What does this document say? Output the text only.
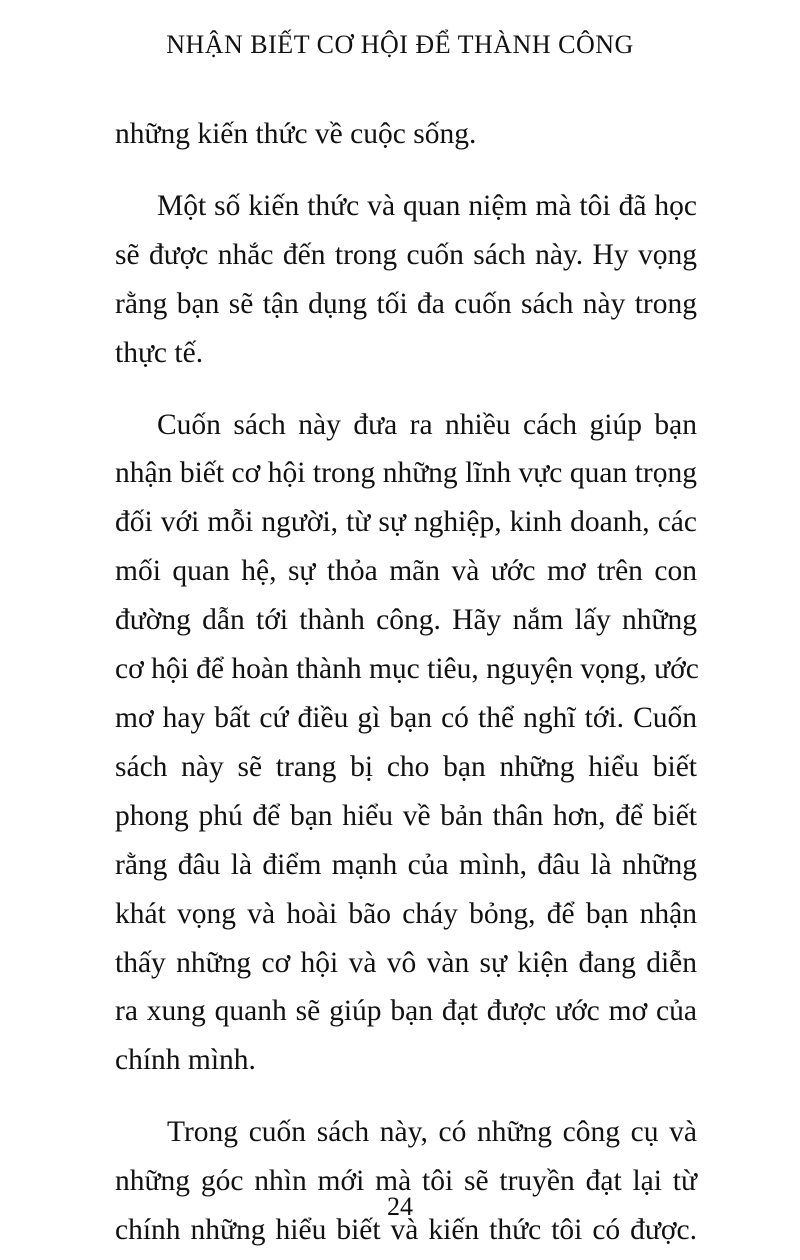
NHẬN BIẾT CƠ HỘI ĐỂ THÀNH CÔNG
những kiến thức về cuộc sống.
Một số kiến thức và quan niệm mà tôi đã học
sẽ được nhắc đến trong cuốn sách này. Hy vọng
rằng bạn sẽ tận dụng tối đa cuốn sách này trong
thực tế.
Cuốn sách này đưa ra nhiều cách giúp bạn
nhận biết cơ hội trong những lĩnh vực quan trọng
đối với mỗi người, từ sự nghiệp, kinh doanh, các
mối quan hệ, sự thỏa mãn và ước mơ trên con
đường dẫn tới thành công. Hãy nắm lấy những
cơ hội để hoàn thành mục tiêu, nguyện vọng, ước
mơ hay bất cứ điều gì bạn có thể nghĩ tới. Cuốn
sách này sẽ trang bị cho bạn những hiểu biết
phong phú để bạn hiểu về bản thân hơn, để biết
rằng đâu là điểm mạnh của mình, đâu là những
khát vọng và hoài bão cháy bỏng, để bạn nhận
thấy những cơ hội và vô vàn sự kiện đang diễn
ra xung quanh sẽ giúp bạn đạt được ước mơ của
chính mình.
Trong cuốn sách này, có những công cụ và
những góc nhìn mới mà tôi sẽ truyền đạt lại từ
chính những hiểu biết và kiến thức tôi có được.
24
